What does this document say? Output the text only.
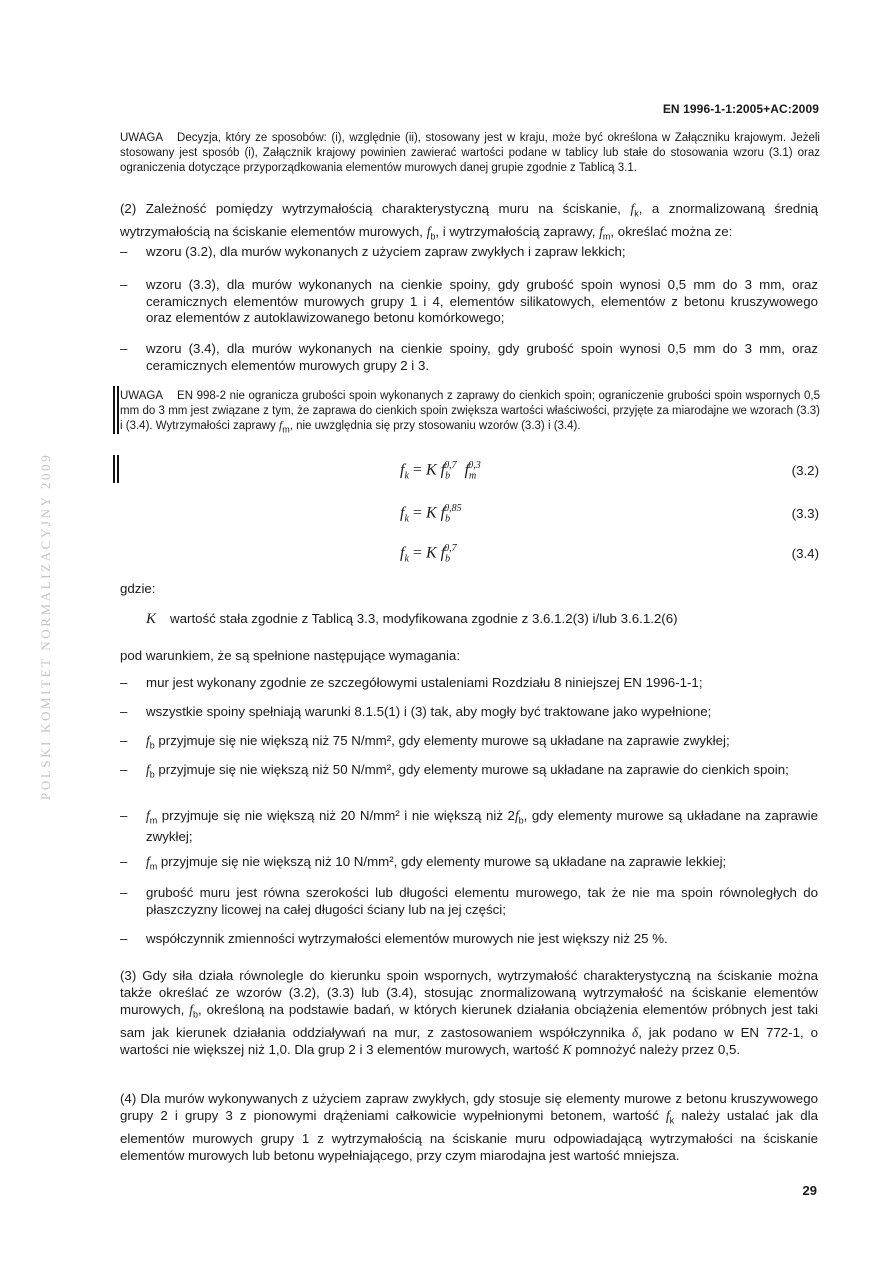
EN 1996-1-1:2005+AC:2009
POLSKI KOMITET NORMALIZACYJNY 2009
UWAGA Decyzja, który ze sposobów: (i), względnie (ii), stosowany jest w kraju, może być określona w Załączniku krajowym. Jeżeli stosowany jest sposób (i), Załącznik krajowy powinien zawierać wartości podane w tablicy lub stałe do stosowania wzoru (3.1) oraz ograniczenia dotyczące przyporządkowania elementów murowych danej grupie zgodnie z Tablicą 3.1.
(2) Zależność pomiędzy wytrzymałością charakterystyczną muru na ściskanie, $f_k$, a znormalizowaną średnią wytrzymałością na ściskanie elementów murowych, $f_b$, i wytrzymałością zaprawy, $f_m$, określać można ze:
– wzoru (3.2), dla murów wykonanych z użyciem zapraw zwykłych i zapraw lekkich;
– wzoru (3.3), dla murów wykonanych na cienkie spoiny, gdy grubość spoin wynosi 0,5 mm do 3 mm, oraz ceramicznych elementów murowych grupy 1 i 4, elementów silikatowych, elementów z betonu kruszywowego oraz elementów z autoklawizowanego betonu komórkowego;
– wzoru (3.4), dla murów wykonanych na cienkie spoiny, gdy grubość spoin wynosi 0,5 mm do 3 mm, oraz ceramicznych elementów murowych grupy 2 i 3.
UWAGA EN 998-2 nie ogranicza grubości spoin wykonanych z zaprawy do cienkich spoin; ograniczenie grubości spoin wspornych 0,5 mm do 3 mm jest związane z tym, że zaprawa do cienkich spoin zwiększa wartości właściwości, przyjęte za miarodajne we wzorach (3.3) i (3.4). Wytrzymałości zaprawy $f_m$, nie uwzględnia się przy stosowaniu wzorów (3.3) i (3.4).
$f_k = K$ $f_b^{0,7}$ $f_m^{0,3}$	(3.2)
$f_k = K$ $f_b^{0,85}$	(3.3)
$f_k = K$ $f_b^{0,7}$	(3.4)
gdzie:
K wartość stała zgodnie z Tablicą 3.3, modyfikowana zgodnie z 3.6.1.2(3) i/lub 3.6.1.2(6)
pod warunkiem, że są spełnione następujące wymagania:
– mur jest wykonany zgodnie ze szczegółowymi ustaleniami Rozdziału 8 niniejszej EN 1996-1-1;
– wszystkie spoiny spełniają warunki 8.1.5(1) i (3) tak, aby mogły być traktowane jako wypełnione;
– $f_b$ przyjmuje się nie większą niż 75 N/mm², gdy elementy murowe są układane na zaprawie zwykłej;
– $f_b$ przyjmuje się nie większą niż 50 N/mm², gdy elementy murowe są układane na zaprawie do cienkich spoin;
– $f_m$ przyjmuje się nie większą niż 20 N/mm² i nie większą niż $2f_b$, gdy elementy murowe są układane na zaprawie zwykłej;
– $f_m$ przyjmuje się nie większą niż 10 N/mm², gdy elementy murowe są układane na zaprawie lekkiej;
– grubość muru jest równa szerokości lub długości elementu murowego, tak że nie ma spoin równoległych do płaszczyzny licowej na całej długości ściany lub na jej części;
– współczynnik zmienności wytrzymałości elementów murowych nie jest większy niż 25 %.
(3) Gdy siła działa równolegle do kierunku spoin wspornych, wytrzymałość charakterystyczną na ściskanie można także określać ze wzorów (3.2), (3.3) lub (3.4), stosując znormalizowaną wytrzymałość na ściskanie elementów murowych, $f_b$, określoną na podstawie badań, w których kierunek działania obciążenia elementów próbnych jest taki sam jak kierunek działania oddziaływań na mur, z zastosowaniem współczynnika δ, jak podano w EN 772-1, o wartości nie większej niż 1,0. Dla grup 2 i 3 elementów murowych, wartość K pomnożyć należy przez 0,5.
(4) Dla murów wykonywanych z użyciem zapraw zwykłych, gdy stosuje się elementy murowe z betonu kruszywowego grupy 2 i grupy 3 z pionowymi drążeniami całkowicie wypełnionymi betonem, wartość $f_k$ należy ustalać jak dla elementów murowych grupy 1 z wytrzymałością na ściskanie muru odpowiadającą wytrzymałości na ściskanie elementów murowych lub betonu wypełniającego, przy czym miarodajna jest wartość mniejsza.
29
